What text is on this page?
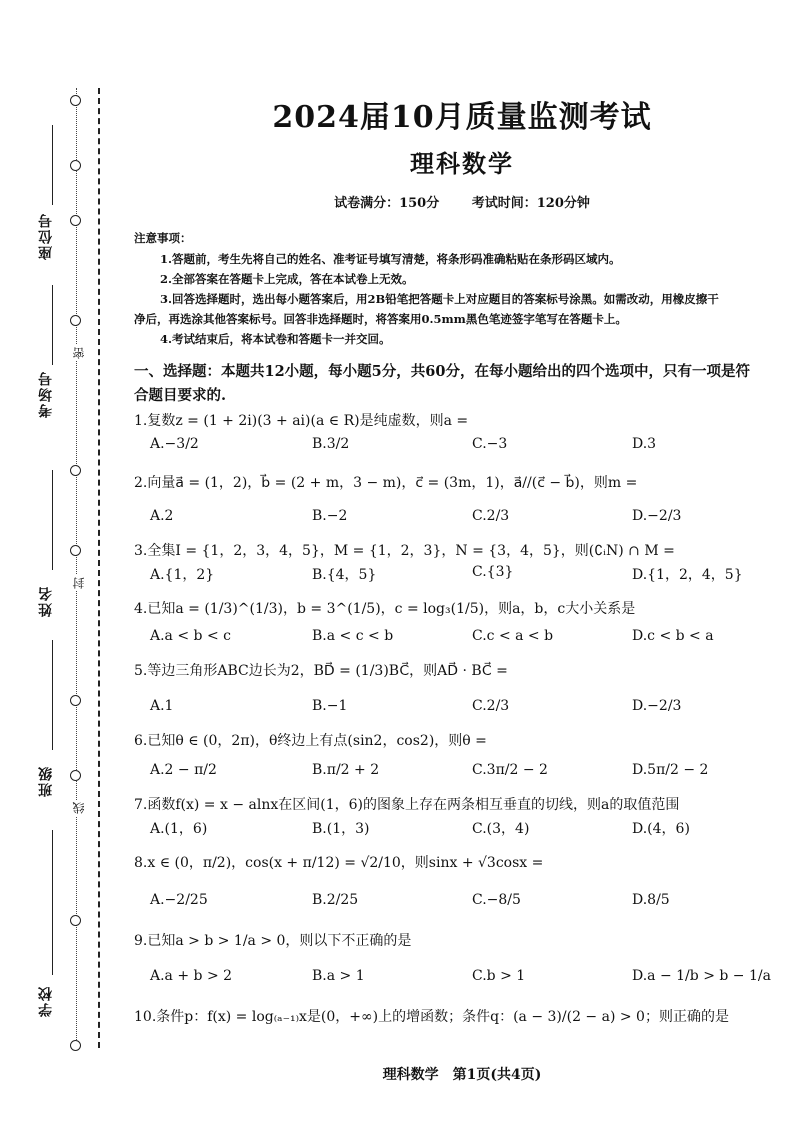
密
封
线
座位号
考场号
姓名
班级
学校
2024届10月质量监测考试
理科数学
试卷满分：150分	考试时间：120分钟
注意事项：
1.答题前，考生先将自己的姓名、准考证号填写清楚，将条形码准确粘贴在条形码区域内。
2.全部答案在答题卡上完成，答在本试卷上无效。
3.回答选择题时，选出每小题答案后，用2B铅笔把答题卡上对应题目的答案标号涂黑。如需改动，用橡皮擦干
净后，再选涂其他答案标号。回答非选择题时，将答案用0.5mm黑色笔迹签字笔写在答题卡上。
4.考试结束后，将本试卷和答题卡一并交回。
一、选择题：本题共12小题，每小题5分，共60分，在每小题给出的四个选项中，只有一项是符
合题目要求的.
1.复数z = (1 + 2i)(3 + ai)(a ∈ R)是纯虚数，则a =
A.−3/2	B.3/2	C.−3	D.3
2.向量a⃗ = (1，2)，b⃗ = (2 + m，3 − m)，c⃗ = (3m，1)，a⃗//(c⃗ − b⃗)，则m =
A.2	B.−2	C.2/3	D.−2/3
3.全集I = {1，2，3，4，5}，M = {1，2，3}，N = {3，4，5}，则(∁ᵢN) ∩ M =
A.{1，2}	B.{4，5}	C.{3}	D.{1，2，4，5}
4.已知a = (1/3)^(1/3)，b = 3^(1/5)，c = log₃(1/5)，则a，b，c大小关系是
A.a < b < c	B.a < c < b	C.c < a < b	D.c < b < a
5.等边三角形ABC边长为2，BD⃗ = (1/3)BC⃗，则AD⃗ · BC⃗ =
A.1	B.−1	C.2/3	D.−2/3
6.已知θ ∈ (0，2π)，θ终边上有点(sin2，cos2)，则θ =
A.2 − π/2	B.π/2 + 2	C.3π/2 − 2	D.5π/2 − 2
7.函数f(x) = x − alnx在区间(1，6)的图象上存在两条相互垂直的切线，则a的取值范围
A.(1，6)	B.(1，3)	C.(3，4)	D.(4，6)
8.x ∈ (0，π/2)，cos(x + π/12) = √2/10，则sinx + √3cosx =
A.−2/25	B.2/25	C.−8/5	D.8/5
9.已知a > b > 1/a > 0，则以下不正确的是
A.a + b > 2	B.a > 1	C.b > 1	D.a − 1/b > b − 1/a
10.条件p：f(x) = log₍ₐ₋₁₎x是(0，+∞)上的增函数；条件q：(a − 3)/(2 − a) > 0；则正确的是
理科数学　第1页(共4页)
